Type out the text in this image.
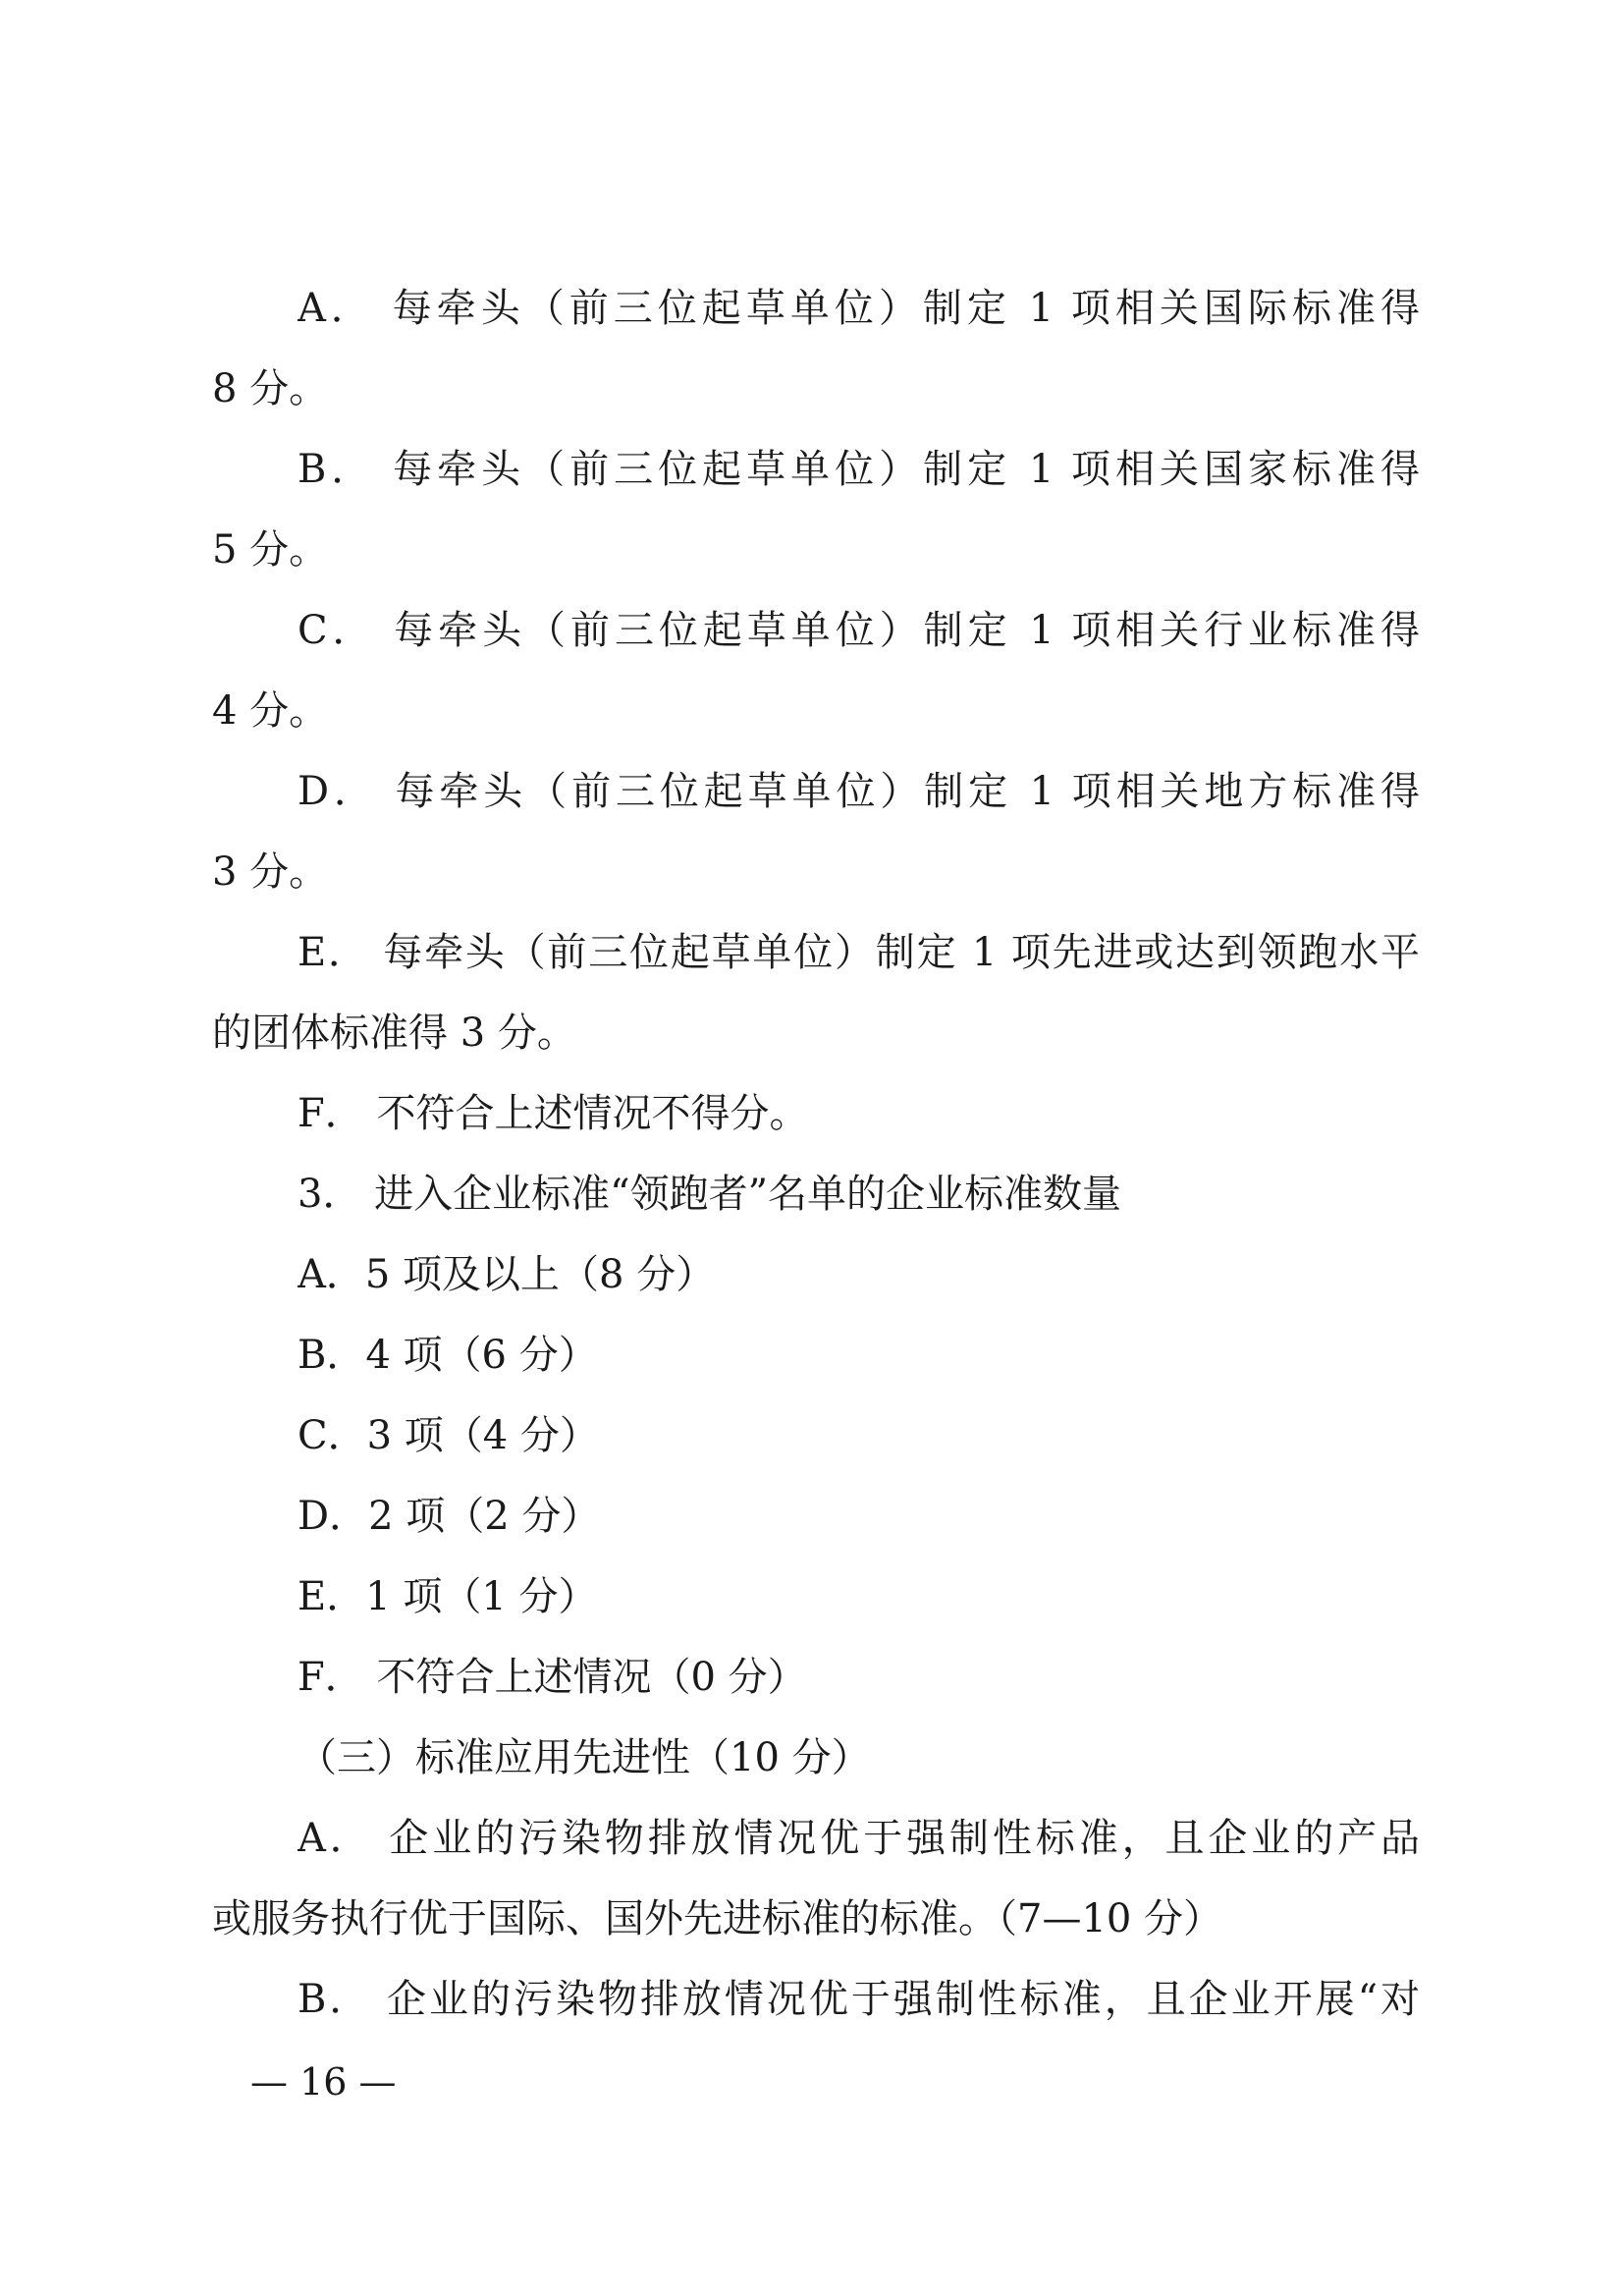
A． 每牵头（前三位起草单位）制定 1 项相关国际标准得
8 分。
B． 每牵头（前三位起草单位）制定 1 项相关国家标准得
5 分。
C． 每牵头（前三位起草单位）制定 1 项相关行业标准得
4 分。
D． 每牵头（前三位起草单位）制定 1 项相关地方标准得
3 分。
E． 每牵头（前三位起草单位）制定 1 项先进或达到领跑水平
的团体标准得 3 分。
F． 不符合上述情况不得分。
3． 进入企业标准“领跑者”名单的企业标准数量
A．5 项及以上（8 分）
B．4 项（6 分）
C．3 项（4 分）
D．2 项（2 分）
E．1 项（1 分）
F． 不符合上述情况（0 分）
（三）标准应用先进性（10 分）
A． 企业的污染物排放情况优于强制性标准，且企业的产品
或服务执行优于国际、国外先进标准的标准。（7—10 分）
B． 企业的污染物排放情况优于强制性标准，且企业开展“对
— 16 —
